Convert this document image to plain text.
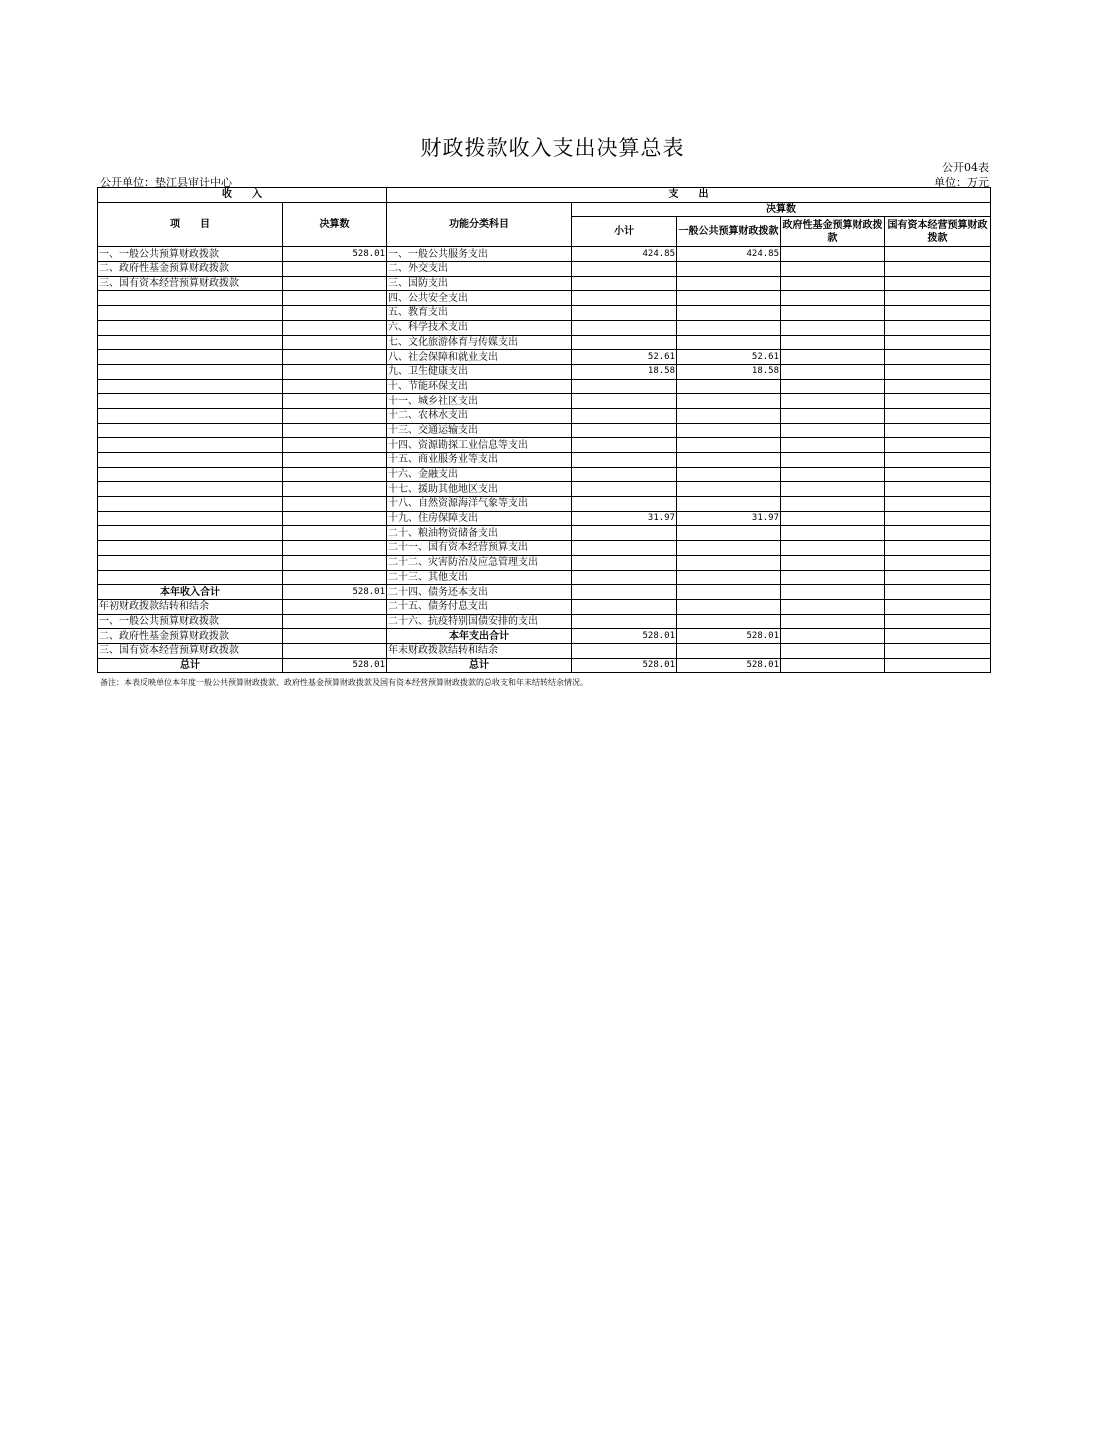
财政拨款收入支出决算总表
公开04表
公开单位：垫江县审计中心	单位：万元
收　　入		支　　出				
项　　目	决算数	功能分类科目	决算数			
			小计	一般公共预算财政拨款	政府性基金预算财政拨款	国有资本经营预算财政拨款
一、一般公共预算财政拨款	528.01	一、一般公共服务支出	424.85	424.85		
二、政府性基金预算财政拨款		二、外交支出				
三、国有资本经营预算财政拨款		三、国防支出				
		四、公共安全支出				
		五、教育支出				
		六、科学技术支出				
		七、文化旅游体育与传媒支出				
		八、社会保障和就业支出	52.61	52.61		
		九、卫生健康支出	18.58	18.58		
		十、节能环保支出				
		十一、城乡社区支出				
		十二、农林水支出				
		十三、交通运输支出				
		十四、资源勘探工业信息等支出				
		十五、商业服务业等支出				
		十六、金融支出				
		十七、援助其他地区支出				
		十八、自然资源海洋气象等支出				
		十九、住房保障支出	31.97	31.97		
		二十、粮油物资储备支出				
		二十一、国有资本经营预算支出				
		二十二、灾害防治及应急管理支出				
		二十三、其他支出				
本年收入合计	528.01	二十四、债务还本支出				
年初财政拨款结转和结余		二十五、债务付息支出				
一、一般公共预算财政拨款		二十六、抗疫特别国债安排的支出				
二、政府性基金预算财政拨款		本年支出合计	528.01	528.01		
三、国有资本经营预算财政拨款		年末财政拨款结转和结余				
总计	528.01	总计	528.01	528.01		
备注：本表反映单位本年度一般公共预算财政拨款、政府性基金预算财政拨款及国有资本经营预算财政拨款的总收支和年末结转结余情况。
